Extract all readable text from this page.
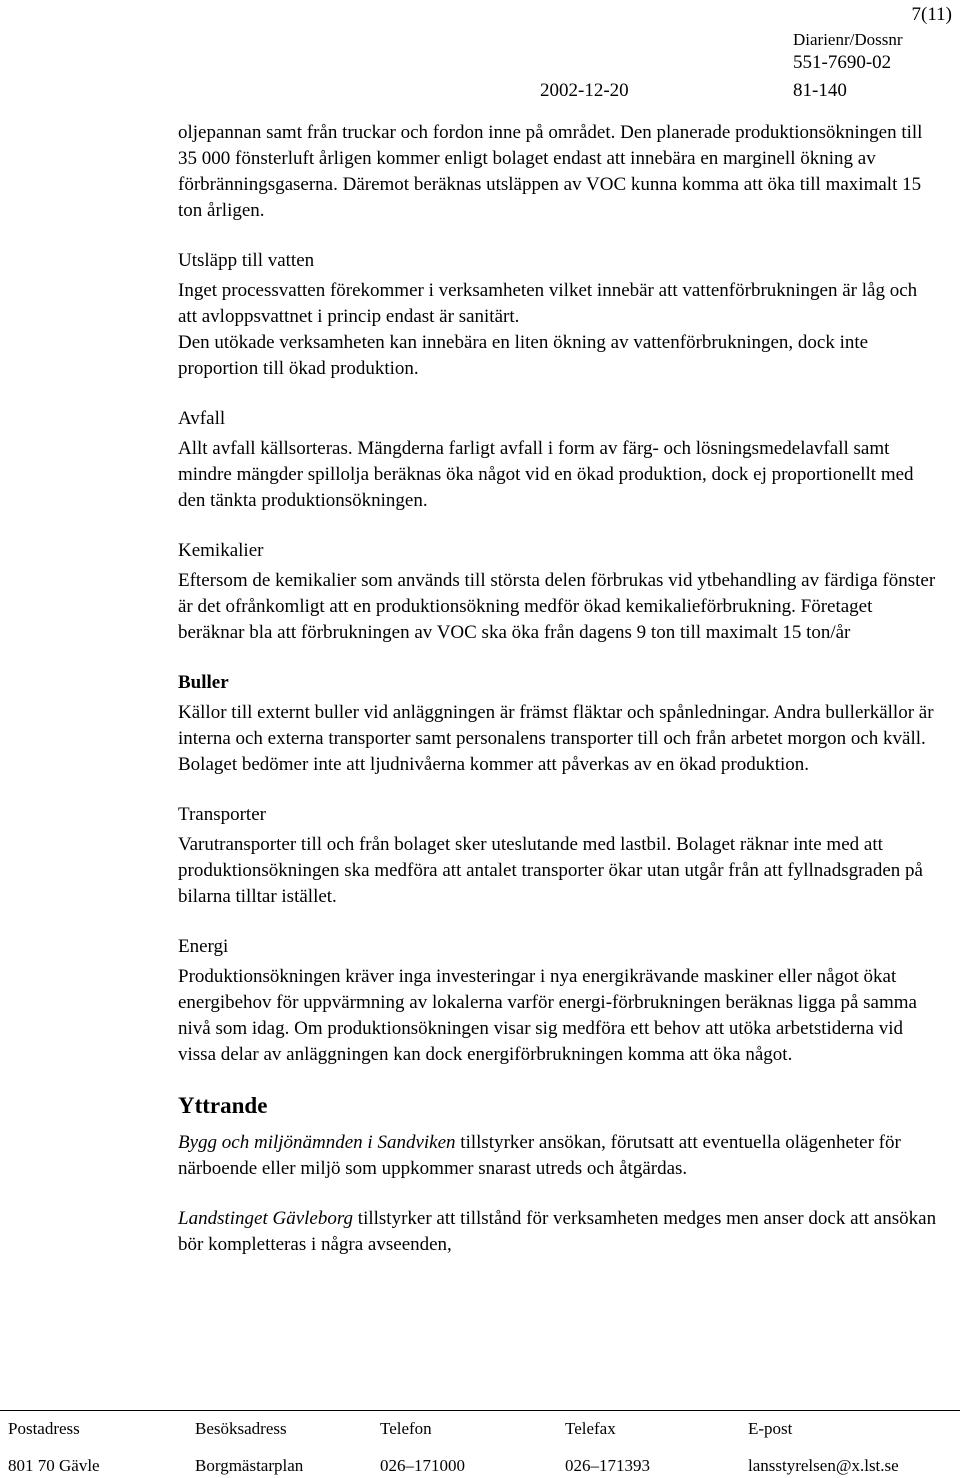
7(11)
Diarienr/Dossnr
551-7690-02
2002-12-20	81-140

oljepannan samt från truckar och fordon inne på området. Den planerade produktionsökningen till 35 000 fönsterluft årligen kommer enligt bolaget endast att innebära en marginell ökning av förbränningsgaserna. Däremot beräknas utsläppen av VOC kunna komma att öka till maximalt 15 ton årligen.

Utsläpp till vatten

Inget processvatten förekommer i verksamheten vilket innebär att vattenförbrukningen är låg och att avloppsvattnet i princip endast är sanitärt.

Den utökade verksamheten kan innebära en liten ökning av vattenförbrukningen, dock inte proportion till ökad produktion.

Avfall

Allt avfall källsorteras. Mängderna farligt avfall i form av färg- och lösningsmedelavfall samt mindre mängder spillolja beräknas öka något vid en ökad produktion, dock ej proportionellt med den tänkta produktionsökningen.

Kemikalier

Eftersom de kemikalier som används till största delen förbrukas vid ytbehandling av färdiga fönster är det ofrånkomligt att en produktionsökning medför ökad kemikalieförbrukning. Företaget beräknar bla att förbrukningen av VOC ska öka från dagens 9 ton till maximalt 15 ton/år

Buller

Källor till externt buller vid anläggningen är främst fläktar och spånledningar. Andra bullerkällor är interna och externa transporter samt personalens transporter till och från arbetet morgon och kväll. Bolaget bedömer inte att ljudnivåerna kommer att påverkas av en ökad produktion.

Transporter

Varutransporter till och från bolaget sker uteslutande med lastbil. Bolaget räknar inte med att produktionsökningen ska medföra att antalet transporter ökar utan utgår från att fyllnadsgraden på bilarna tilltar istället.

Energi

Produktionsökningen kräver inga investeringar i nya energikrävande maskiner eller något ökat energibehov för uppvärmning av lokalerna varför energi-förbrukningen beräknas ligga på samma nivå som idag. Om produktionsökningen visar sig medföra ett behov att utöka arbetstiderna vid vissa delar av anläggningen kan dock energiförbrukningen komma att öka något.

Yttrande

Bygg och miljönämnden i Sandviken tillstyrker ansökan, förutsatt att eventuella olägenheter för närboende eller miljö som uppkommer snarast utreds och åtgärdas.

Landstinget Gävleborg tillstyrker att tillstånd för verksamheten medges men anser dock att ansökan bör kompletteras i några avseenden,

Postadress	Besöksadress	Telefon	Telefax	E-post
801 70 Gävle	Borgmästarplan	026–171000	026–171393	lansstyrelsen@x.lst.se
